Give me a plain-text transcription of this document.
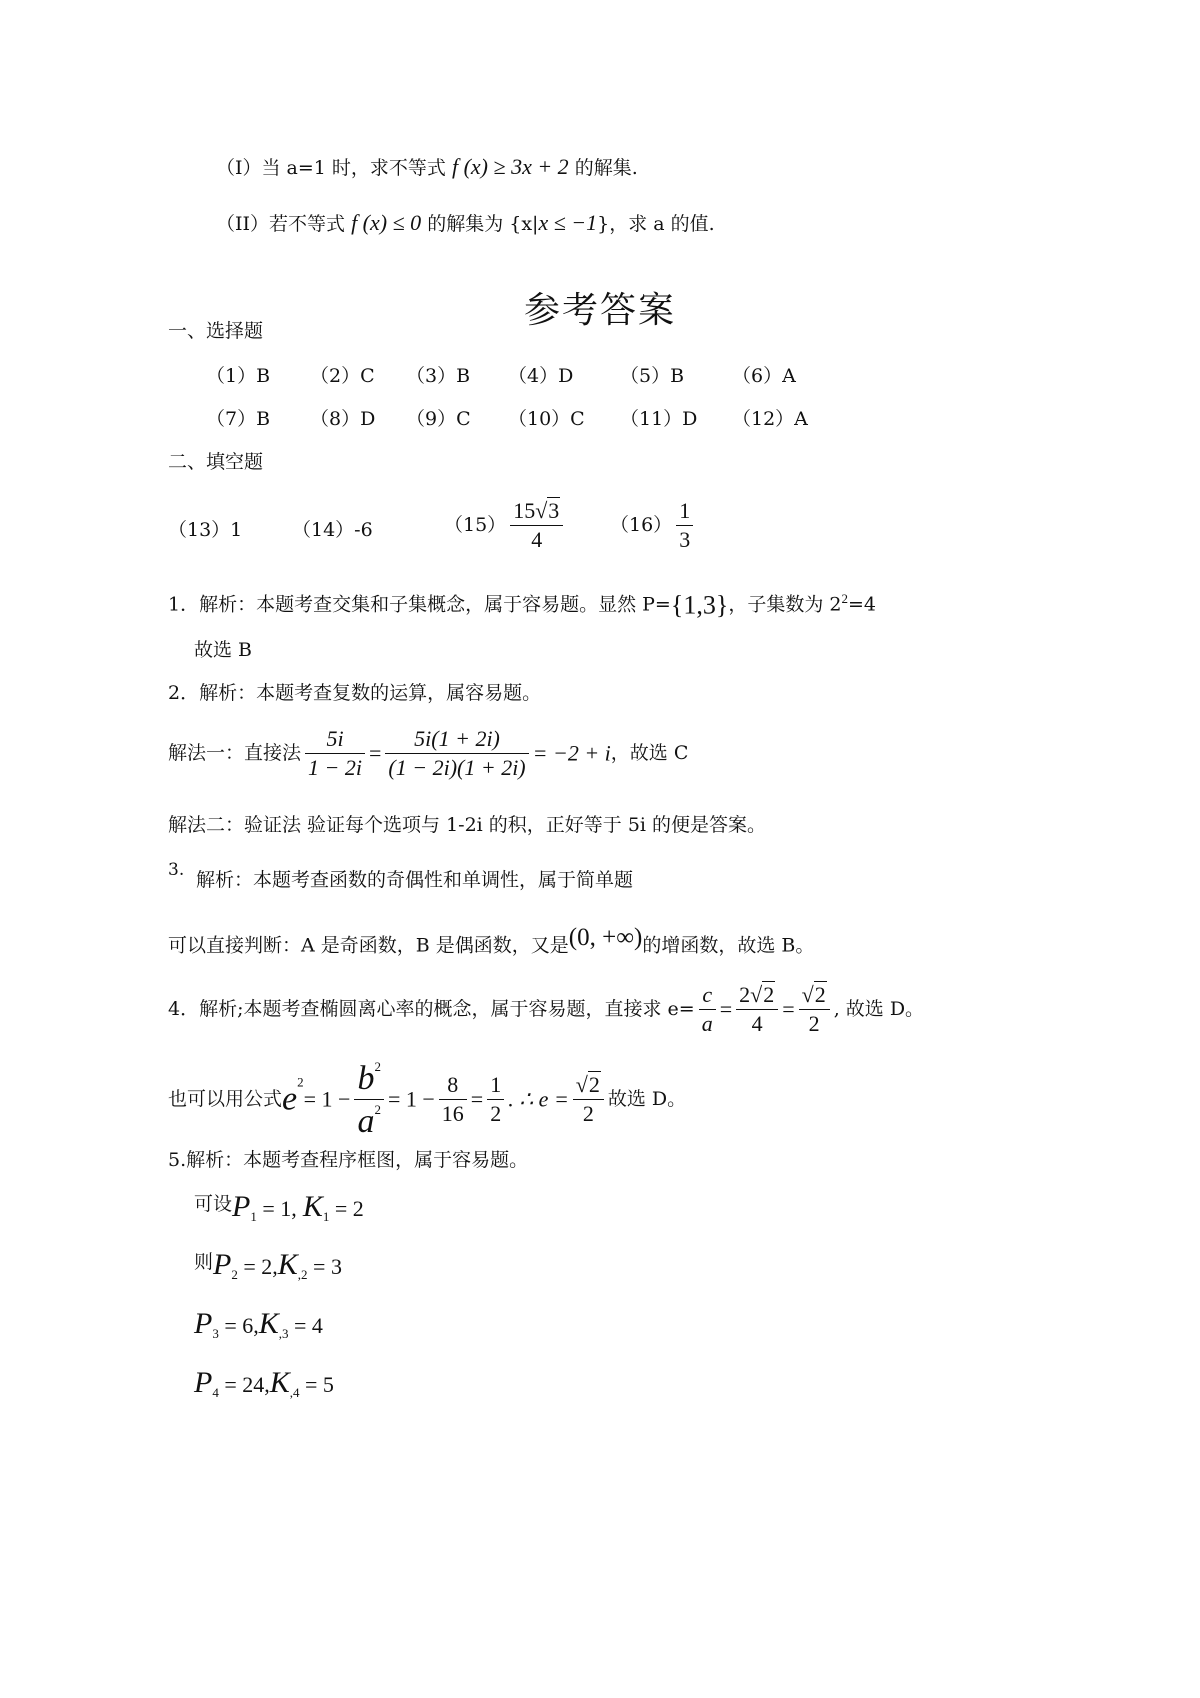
（I）当 a=1 时，求不等式 f (x) ≥ 3x + 2 的解集.
（II）若不等式 f (x) ≤ 0 的解集为 {x|x ≤ −1}，求 a 的值.
参考答案
一、选择题
（1）B （2）C （3）B （4）D （5）B	（6）A
（7）B （8）D （9）C （10）C （11）D （12）A
二、填空题
（13）1	（14）-6	$(15) \frac{15√3}{4} (16) \frac{1}{3}$
1．解析：本题考查交集和子集概念，属于容易题。显然 P={1,3}，子集数为 $2^2=4$
故选 B
2．解析：本题考查复数的运算，属容易题。
解法一：直接法 $\frac{5i}{1 - 2i} = \frac{5i(1 + 2i)}{(1 - 2i)(1 + 2i)} = -2 + i$，故选 C
解法二：验证法 验证每个选项与 1-2i 的积，正好等于 5i 的便是答案。
3. 解析：本题考查函数的奇偶性和单调性，属于简单题
可以直接判断：A 是奇函数，B 是偶函数，又是(0, +∞)的增函数，故选 B。
4．解析;本题考查椭圆离心率的概念，属于容易题，直接求 $e= \frac{c}{a} = \frac{2√2}{4} = \frac{√2}{2}$ , 故选 D。
也可以用公式$e^2= 1 - \frac{b^2}{a^2} = 1 - \frac{8}{16} = \frac{1}{2}$ . ∴ $e = \frac{√2}{2}$ 故选 D。
5.解析：本题考查程序框图，属于容易题。
可设$P_1 = 1$, $K_1 = 2$
则$P_2 = 2,K_{,2} = 3$
$P_3 = 6,K_{,3} = 4$
$P_4 = 24,K_{,4} = 5$
